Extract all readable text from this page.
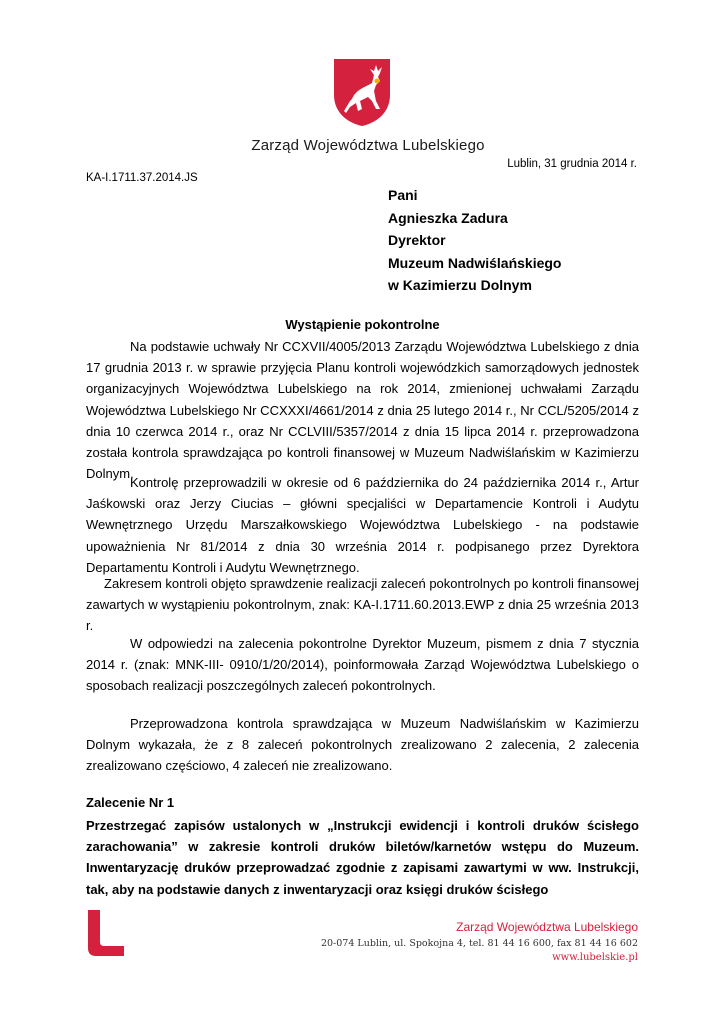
Zarząd Województwa Lubelskiego
Lublin, 31 grudnia 2014 r.
KA-I.1711.37.2014.JS
Pani
Agnieszka Zadura
Dyrektor
Muzeum Nadwiślańskiego
w Kazimierzu Dolnym
Wystąpienie pokontrolne

Na podstawie uchwały Nr CCXVII/4005/2013 Zarządu Województwa Lubelskiego z dnia 17 grudnia 2013 r. w sprawie przyjęcia Planu kontroli wojewódzkich samorządowych jednostek organizacyjnych Województwa Lubelskiego na rok 2014, zmienionej uchwałami Zarządu Województwa Lubelskiego Nr CCXXXI/4661/2014 z dnia 25 lutego 2014 r., Nr CCL/5205/2014 z dnia 10 czerwca 2014 r., oraz Nr CCLVIII/5357/2014 z dnia 15 lipca 2014 r. przeprowadzona została kontrola sprawdzająca po kontroli finansowej w Muzeum Nadwiślańskim w Kazimierzu Dolnym.

Kontrolę przeprowadzili w okresie od 6 października do 24 października 2014 r., Artur Jaśkowski oraz Jerzy Ciucias – główni specjaliści w Departamencie Kontroli i Audytu Wewnętrznego Urzędu Marszałkowskiego Województwa Lubelskiego - na podstawie upoważnienia Nr 81/2014 z dnia 30 września 2014 r. podpisanego przez Dyrektora Departamentu Kontroli i Audytu Wewnętrznego.

Zakresem kontroli objęto sprawdzenie realizacji zaleceń pokontrolnych po kontroli finansowej zawartych w wystąpieniu pokontrolnym, znak: KA-I.1711.60.2013.EWP z dnia 25 września 2013 r.

W odpowiedzi na zalecenia pokontrolne Dyrektor Muzeum, pismem z dnia 7 stycznia 2014 r. (znak: MNK-III- 0910/1/20/2014), poinformowała Zarząd Województwa Lubelskiego o sposobach realizacji poszczególnych zaleceń pokontrolnych.

Przeprowadzona kontrola sprawdzająca w Muzeum Nadwiślańskim w Kazimierzu Dolnym wykazała, że z 8 zaleceń pokontrolnych zrealizowano 2 zalecenia, 2 zalecenia zrealizowano częściowo, 4 zaleceń nie zrealizowano.

Zalecenie Nr 1
Przestrzegać zapisów ustalonych w „Instrukcji ewidencji i kontroli druków ścisłego zarachowania” w zakresie kontroli druków biletów/karnetów wstępu do Muzeum. Inwentaryzację druków przeprowadzać zgodnie z zapisami zawartymi w ww. Instrukcji, tak, aby na podstawie danych z inwentaryzacji oraz księgi druków ścisłego
Zarząd Województwa Lubelskiego
20-074 Lublin, ul. Spokojna 4, tel. 81 44 16 600, fax 81 44 16 602
www.lubelskie.pl
